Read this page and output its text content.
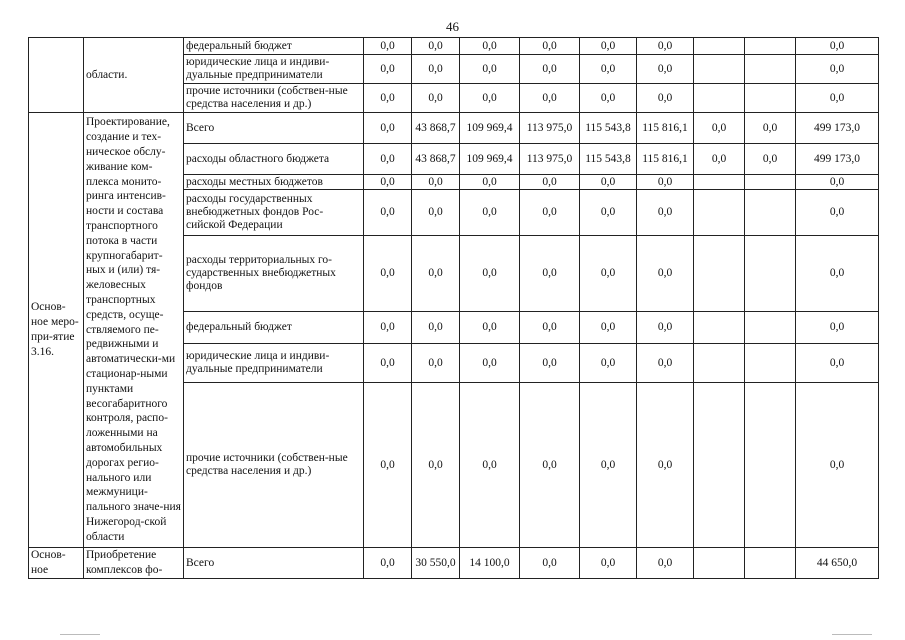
46
	области.	федеральный бюджет	0,0	0,0	0,0	0,0	0,0	0,0			0,0
		юридические лица и индиви-дуальные предприниматели	0,0	0,0	0,0	0,0	0,0	0,0			0,0
		прочие источники (собствен-ные средства населения и др.)	0,0	0,0	0,0	0,0	0,0	0,0			0,0
Основ-ное меро-при-ятие 3.16.	Проектирование, создание и тех-ническое обслу-живание ком-плекса монито-ринга интенсив-ности и состава транспортного потока в части крупногабарит-ных и (или) тя-желовесных транспортных средств, осуще-ствляемого пе-редвижными и автоматически-ми стационар-ными пунктами весогабаритного контроля, распо-ложенными на автомобильных дорогах регио-нального или межмуници-пального значе-ния Нижегород-ской области	Всего	0,0	43 868,7	109 969,4	113 975,0	115 543,8	115 816,1	0,0	0,0	499 173,0
		расходы областного бюджета	0,0	43 868,7	109 969,4	113 975,0	115 543,8	115 816,1	0,0	0,0	499 173,0
		расходы местных бюджетов	0,0	0,0	0,0	0,0	0,0	0,0			0,0
		расходы государственных внебюджетных фондов Рос-сийской Федерации	0,0	0,0	0,0	0,0	0,0	0,0			0,0
		расходы территориальных го-сударственных внебюджетных фондов	0,0	0,0	0,0	0,0	0,0	0,0			0,0
		федеральный бюджет	0,0	0,0	0,0	0,0	0,0	0,0			0,0
		юридические лица и индиви-дуальные предприниматели	0,0	0,0	0,0	0,0	0,0	0,0			0,0
		прочие источники (собствен-ные средства населения и др.)	0,0	0,0	0,0	0,0	0,0	0,0			0,0
Основ-ное	Приобретение комплексов фо-	Всего	0,0	30 550,0	14 100,0	0,0	0,0	0,0			44 650,0
